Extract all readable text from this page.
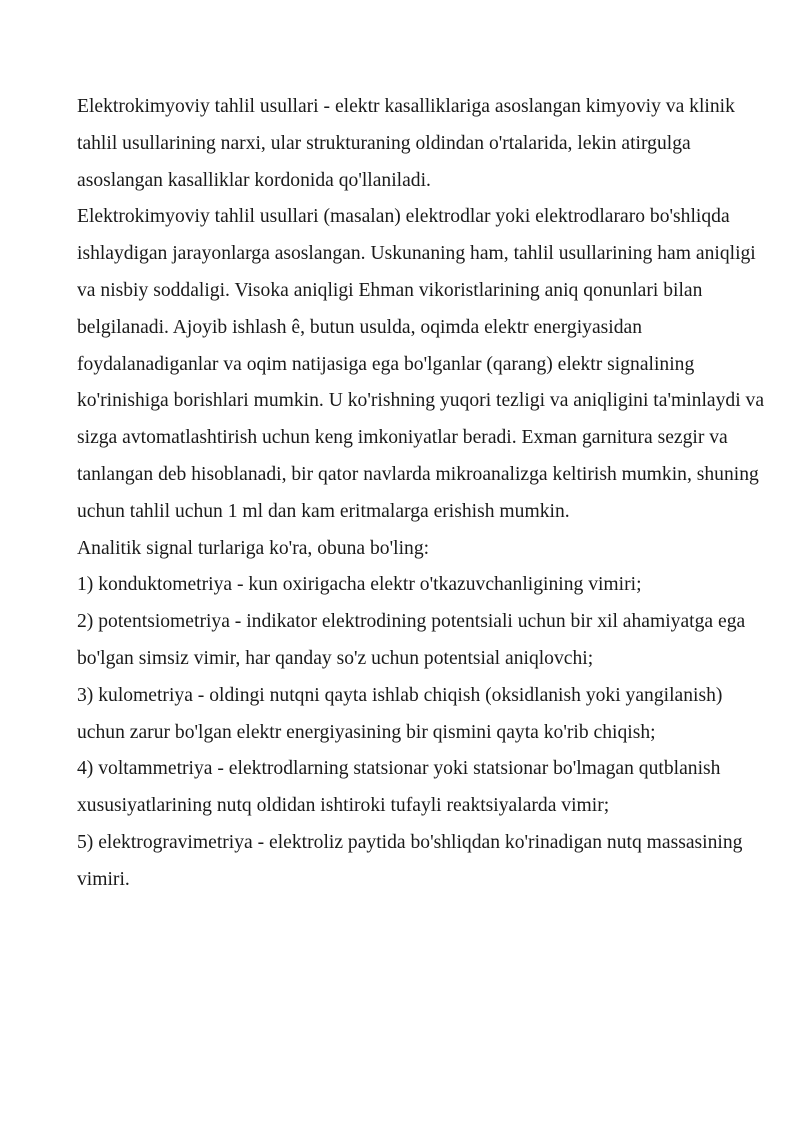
Elektrokimyoviy tahlil usullari - elektr kasalliklariga asoslangan kimyoviy va klinik tahlil usullarining narxi, ular strukturaning oldindan o'rtalarida, lekin atirgulga asoslangan kasalliklar kordonida qo'llaniladi.

Elektrokimyoviy tahlil usullari (masalan) elektrodlar yoki elektrodlararo bo'shliqda ishlaydigan jarayonlarga asoslangan. Uskunaning ham, tahlil usullarining ham aniqligi va nisbiy soddaligi. Visoka aniqligi Ehman vikoristlarining aniq qonunlari bilan belgilanadi. Ajoyib ishlash ê, butun usulda, oqimda elektr energiyasidan foydalanadiganlar va oqim natijasiga ega bo'lganlar (qarang) elektr signalining ko'rinishiga borishlari mumkin. U ko'rishning yuqori tezligi va aniqligini ta'minlaydi va sizga avtomatlashtirish uchun keng imkoniyatlar beradi. Exman garnitura sezgir va tanlangan deb hisoblanadi, bir qator navlarda mikroanalizga keltirish mumkin, shuning uchun tahlil uchun 1 ml dan kam eritmalarga erishish mumkin.

Analitik signal turlariga ko'ra, obuna bo'ling:

1) konduktometriya - kun oxirigacha elektr o'tkazuvchanligining vimiri;

2) potentsiometriya - indikator elektrodining potentsiali uchun bir xil ahamiyatga ega bo'lgan simsiz vimir, har qanday so'z uchun potentsial aniqlovchi;

3) kulometriya - oldingi nutqni qayta ishlab chiqish (oksidlanish yoki yangilanish) uchun zarur bo'lgan elektr energiyasining bir qismini qayta ko'rib chiqish;

4) voltammetriya - elektrodlarning statsionar yoki statsionar bo'lmagan qutblanish xususiyatlarining nutq oldidan ishtiroki tufayli reaktsiyalarda vimir;

5) elektrogravimetriya - elektroliz paytida bo'shliqdan ko'rinadigan nutq massasining vimiri.
